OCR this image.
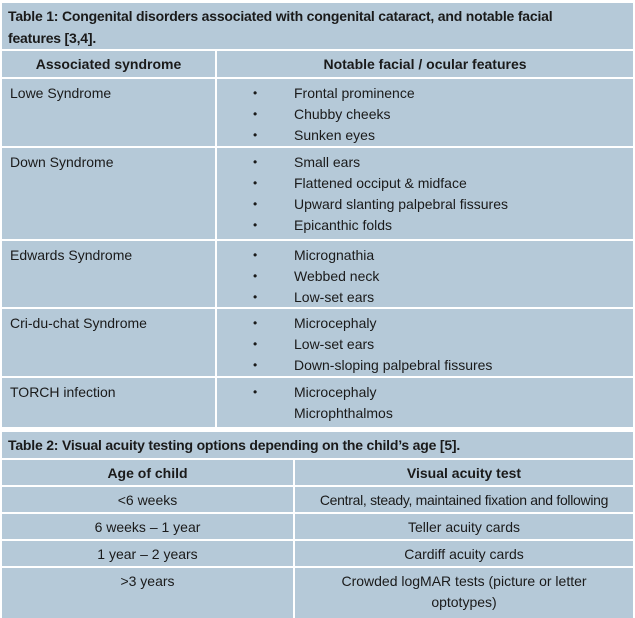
Table 1: Congenital disorders associated with congenital cataract, and notable facial
features [3,4].
Associated syndrome	Notable facial / ocular features
Lowe Syndrome	•	Frontal prominence
•	Chubby cheeks
•	Sunken eyes
Down Syndrome	•	Small ears
•	Flattened occiput & midface
•	Upward slanting palpebral fissures
•	Epicanthic folds
Edwards Syndrome	•	Micrognathia
•	Webbed neck
•	Low-set ears
Cri-du-chat Syndrome	•	Microcephaly
•	Low-set ears
•	Down-sloping palpebral fissures
TORCH infection	•	Microcephaly
Microphthalmos
Table 2: Visual acuity testing options depending on the child’s age [5].
Age of child	Visual acuity test
<6 weeks	Central, steady, maintained fixation and following
6 weeks – 1 year	Teller acuity cards
1 year – 2 years	Cardiff acuity cards
>3 years	Crowded logMAR tests (picture or letter
optotypes)
